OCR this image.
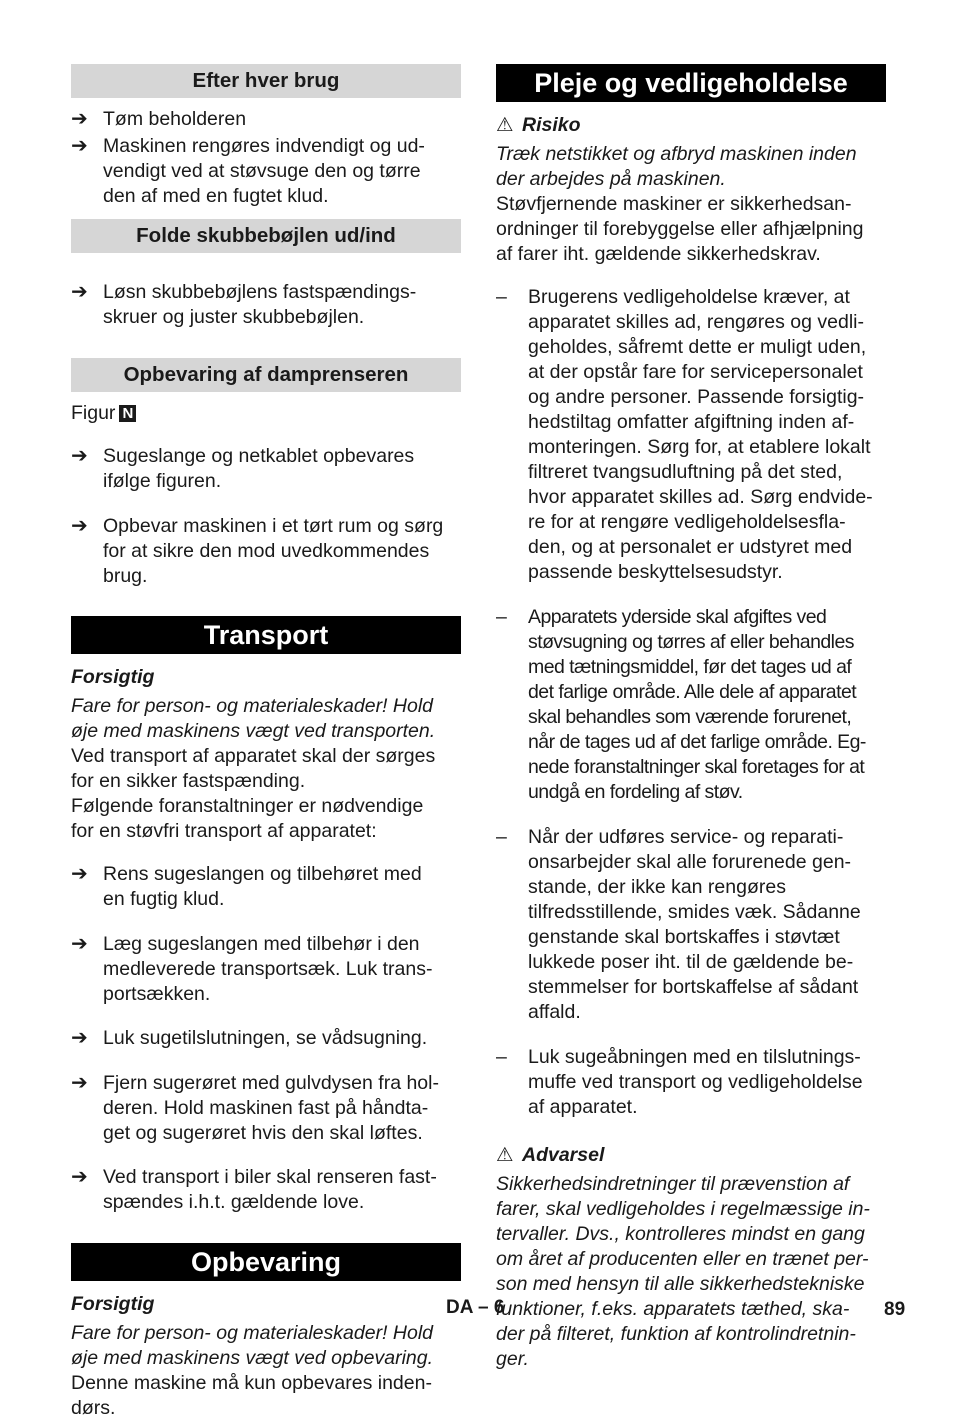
Efter hver brug
➔ Tøm beholderen
➔ Maskinen rengøres indvendigt og ud-
vendigt ved at støvsuge den og tørre
den af med en fugtet klud.
Folde skubbebøjlen ud/ind

➔ Løsn skubbebøjlens fastspændings-
skruer og juster skubbebøjlen.

Opbevaring af damprenseren

Figur N

➔ Sugeslange og netkablet opbevares
ifølge figuren.

➔ Opbevar maskinen i et tørt rum og sørg
for at sikre den mod uvedkommendes
brug.

Transport

Forsigtig

Fare for person- og materialeskader! Hold
øje med maskinens vægt ved transporten.

Ved transport af apparatet skal der sørges
for en sikker fastspænding.

Følgende foranstaltninger er nødvendige
for en støvfri transport af apparatet:

➔ Rens sugeslangen og tilbehøret med
en fugtig klud.

➔ Læg sugeslangen med tilbehør i den
medleverede transportsæk. Luk trans-
portsækken.

➔ Luk sugetilslutningen, se vådsugning.

➔ Fjern sugerøret med gulvdysen fra hol-
deren. Hold maskinen fast på håndta-
get og sugerøret hvis den skal løftes.

➔ Ved transport i biler skal renseren fast-
spændes i.h.t. gældende love.

Opbevaring

Forsigtig

Fare for person- og materialeskader! Hold
øje med maskinens vægt ved opbevaring.

Denne maskine må kun opbevares inden-
dørs.

Pleje og vedligeholdelse

⚠ Risiko

Træk netstikket og afbryd maskinen inden
der arbejdes på maskinen.

Støvfjernende maskiner er sikkerhedsan-
ordninger til forebyggelse eller afhjælpning
af farer iht. gældende sikkerhedskrav.

–	Brugerens vedligeholdelse kræver, at
apparatet skilles ad, rengøres og vedli-
geholdes, såfremt dette er muligt uden,
at der opstår fare for servicepersonalet
og andre personer. Passende forsigtig-
hedstiltag omfatter afgiftning inden af-
monteringen. Sørg for, at etablere lokalt
filtreret tvangsudluftning på det sted,
hvor apparatet skilles ad. Sørg endvide-
re for at rengøre vedligeholdelsesfla-
den, og at personalet er udstyret med
passende beskyttelsesudstyr.

–	Apparatets yderside skal afgiftes ved
støvsugning og tørres af eller behandles
med tætningsmiddel, før det tages ud af
det farlige område. Alle dele af apparatet
skal behandles som værende forurenet,
når de tages ud af det farlige område. Eg-
nede foranstaltninger skal foretages for at
undgå en fordeling af støv.

–	Når der udføres service- og reparati-
onsarbejder skal alle forurenede gen-
stande, der ikke kan rengøres
tilfredsstillende, smides væk. Sådanne
genstande skal bortskaffes i støvtæt
lukkede poser iht. til de gældende be-
stemmelser for bortskaffelse af sådant
affald.

–	Luk sugeåbningen med en tilslutnings-
muffe ved transport og vedligeholdelse
af apparatet.

⚠ Advarsel

Sikkerhedsindretninger til prævenstion af
farer, skal vedligeholdes i regelmæssige in-
tervaller. Dvs., kontrolleres mindst en gang
om året af producenten eller en trænet per-
son med hensyn til alle sikkerhedstekniske
funktioner, f.eks. apparatets tæthed, ska-
der på filteret, funktion af kontrolindretnin-
ger.

DA – 6	89
